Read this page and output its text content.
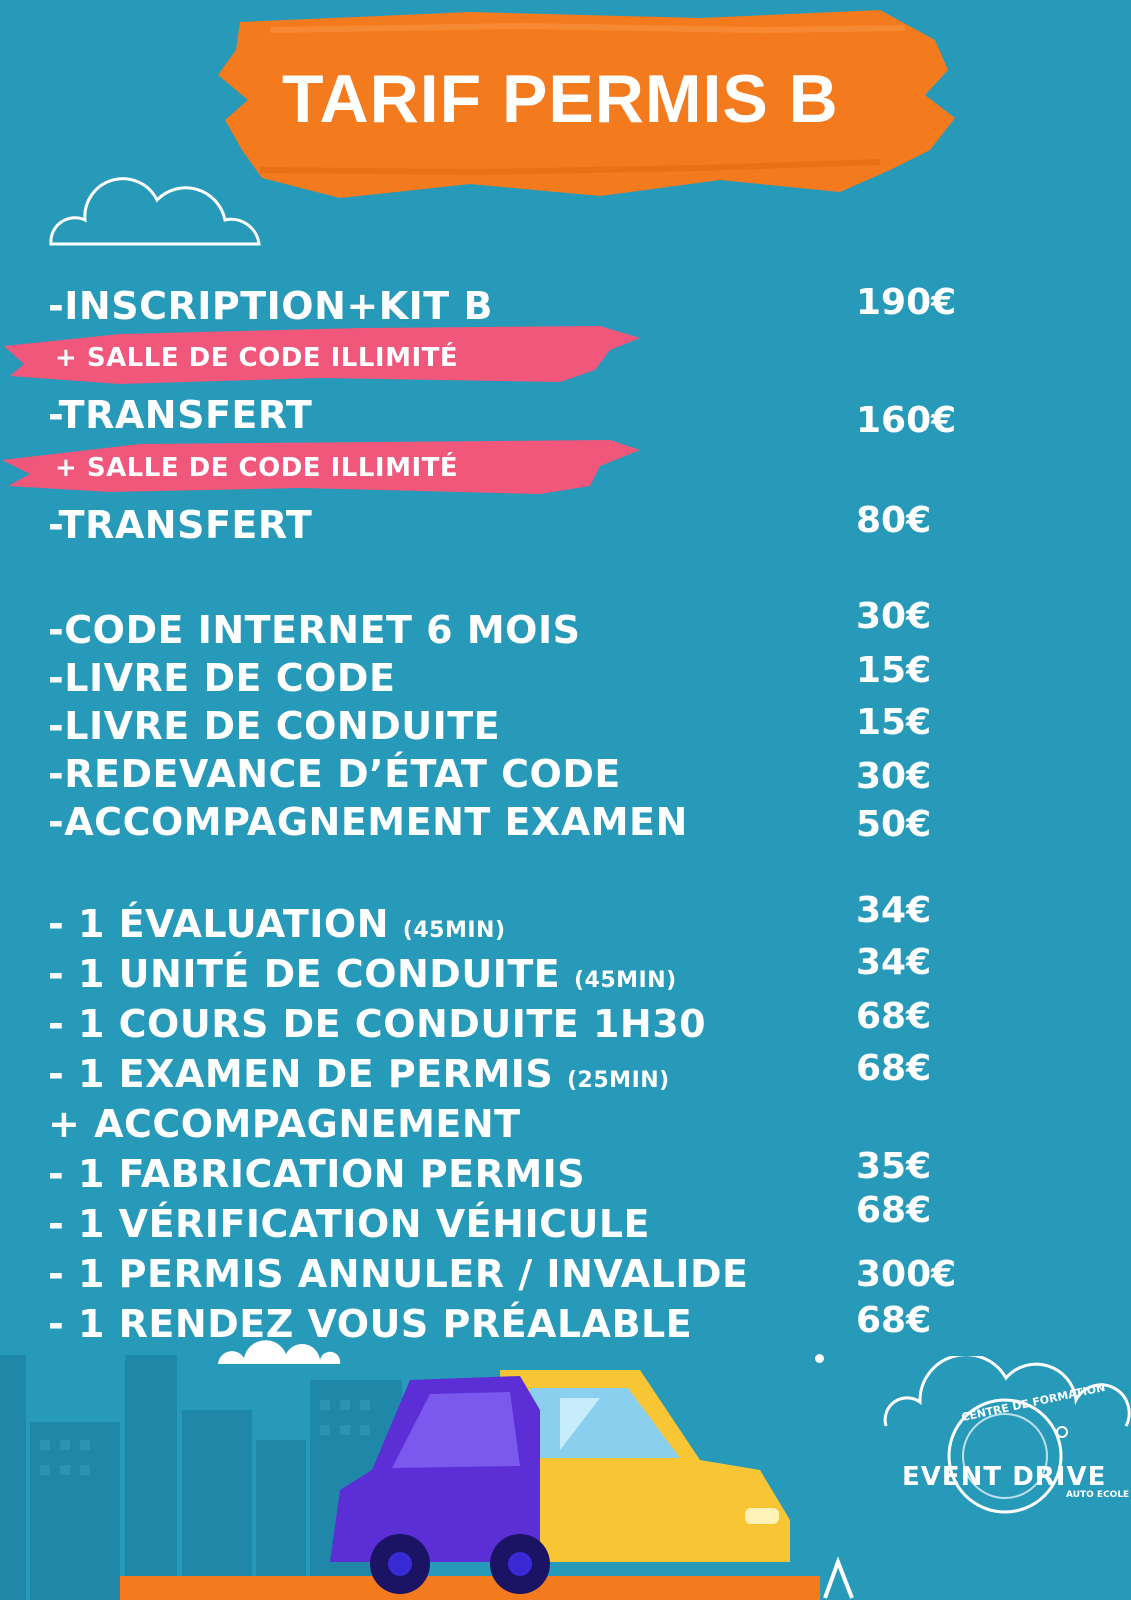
TARIF PERMIS B
-INSCRIPTION+KIT B	190€
+ SALLE DE CODE ILLIMITÉ
-TRANSFERT	160€
+ SALLE DE CODE ILLIMITÉ
-TRANSFERT	80€
-CODE INTERNET 6 MOIS	30€
-LIVRE DE CODE	15€
-LIVRE DE CONDUITE	15€
-REDEVANCE D’ÉTAT CODE	30€
-ACCOMPAGNEMENT EXAMEN	50€
- 1 ÉVALUATION (45MIN)	34€
- 1 UNITÉ DE CONDUITE (45MIN)	34€
- 1 COURS DE CONDUITE 1H30	68€
- 1 EXAMEN DE PERMIS (25MIN)	68€
+ ACCOMPAGNEMENT
- 1 FABRICATION PERMIS	35€
- 1 VÉRIFICATION VÉHICULE	68€
- 1 PERMIS ANNULER / INVALIDE	300€
- 1 RENDEZ VOUS PRÉALABLE	68€
CENTRE DE FORMATION
EVENT DRIVE
AUTO ECOLE
